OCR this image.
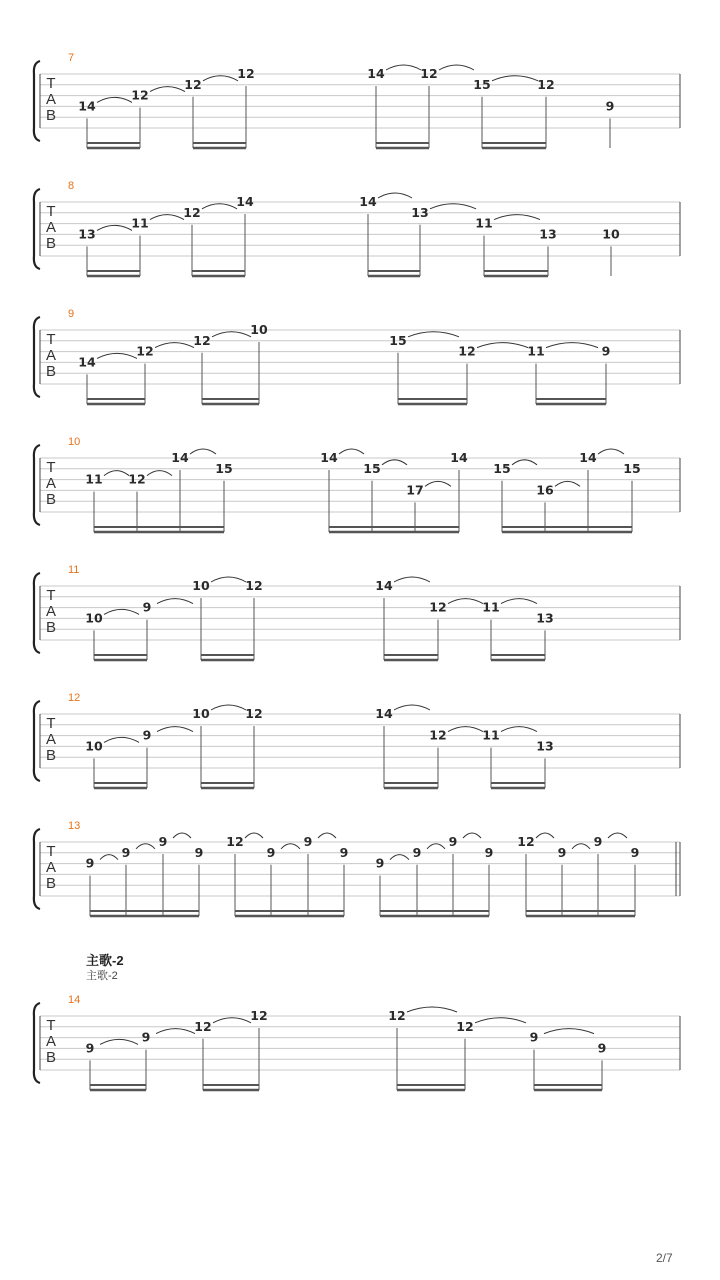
7
T
A
B
14
12
12
12	14	12
15	12
9
8
T
A
B
13
11
12
14	14
13
11
13	10
9
T
A
B
14
12
12
10
15
12	11	9
10
T
A
B
11 12
14
15
14
15
17
14
15
16
14
15
11
T
A
B
10
9
10	12	14
12	11
13
12
T
A
B
10
9
10	12	14
12	11
13
13
T
A
B
9
9
9
9
12
9
9
9
9
9
9
9
12
9
9
9
主歌-2
主歌-2
14
T
A
B
9
9
12
12	12
12
9
9
2/7
